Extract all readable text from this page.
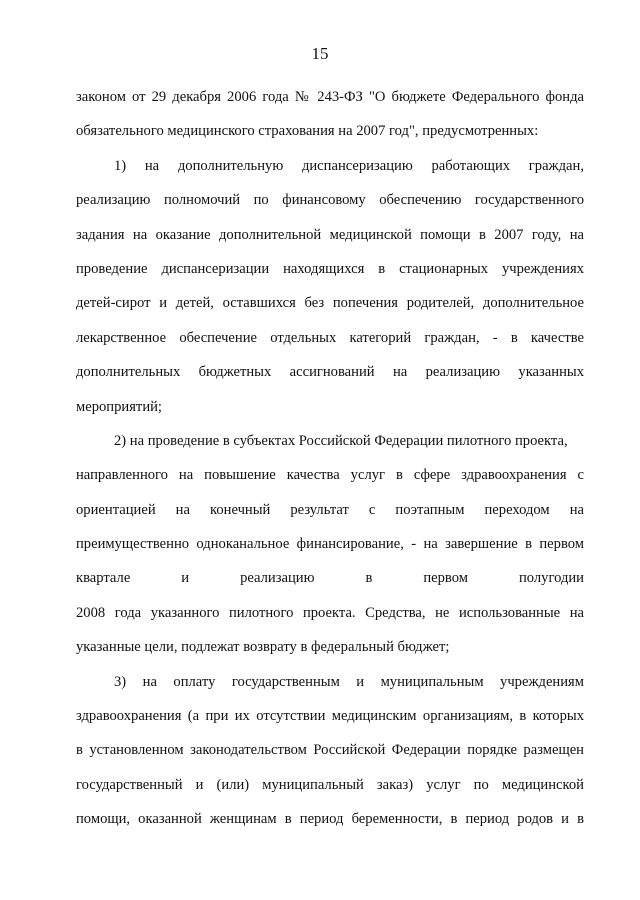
15
законом от 29 декабря 2006 года № 243-ФЗ "О бюджете Федерального фонда
обязательного медицинского страхования на 2007 год", предусмотренных:
1) на дополнительную диспансеризацию работающих граждан,
реализацию полномочий по финансовому обеспечению государственного
задания на оказание дополнительной медицинской помощи в 2007 году, на
проведение диспансеризации находящихся в стационарных учреждениях
детей-сирот и детей, оставшихся без попечения родителей, дополнительное
лекарственное обеспечение отдельных категорий граждан, - в качестве
дополнительных бюджетных ассигнований на реализацию указанных
мероприятий;
2) на проведение в субъектах Российской Федерации пилотного проекта,
направленного на повышение качества услуг в сфере здравоохранения с
ориентацией на конечный результат с поэтапным переходом на
преимущественно одноканальное финансирование, - на завершение в первом
квартале и реализацию в первом полугодии
2008 года указанного пилотного проекта. Средства, не использованные на
указанные цели, подлежат возврату в федеральный бюджет;
3) на оплату государственным и муниципальным учреждениям
здравоохранения (а при их отсутствии медицинским организациям, в которых
в установленном законодательством Российской Федерации порядке размещен
государственный и (или) муниципальный заказ) услуг по медицинской
помощи, оказанной женщинам в период беременности, в период родов и в
